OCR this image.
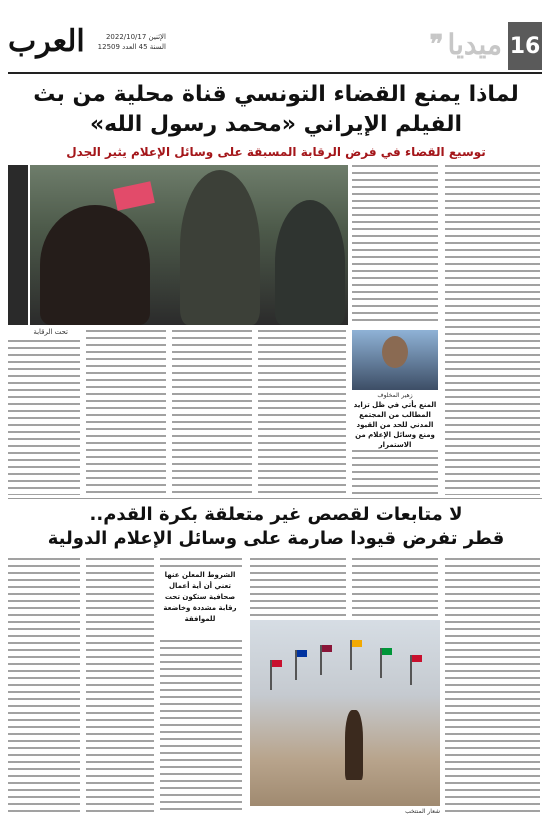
16
ميديا
❞
الإثنين 2022/10/17
السنة 45 العدد 12509
العرب
لماذا يمنع القضاء التونسي قناة محلية من بث
الفيلم الإيراني «محمد رسول الله»
توسيع القضاء في فرض الرقابة المسبقة على وسائل الإعلام يثير الجدل
زهير المخلوف
المنع يأتي في ظل تزايد المطالب من المجتمع المدني للحد من القيود ومنع وسائل الإعلام من الاستمرار
تحت الرقابة
لا متابعات لقصص غير متعلقة بكرة القدم..
قطر تفرض قيودا صارمة على وسائل الإعلام الدولية
الشروط المعلن عنها تعني أن أية أعمال صحافية ستكون تحت رقابة مشددة وخاضعة للموافقة
شعار المنتخب
